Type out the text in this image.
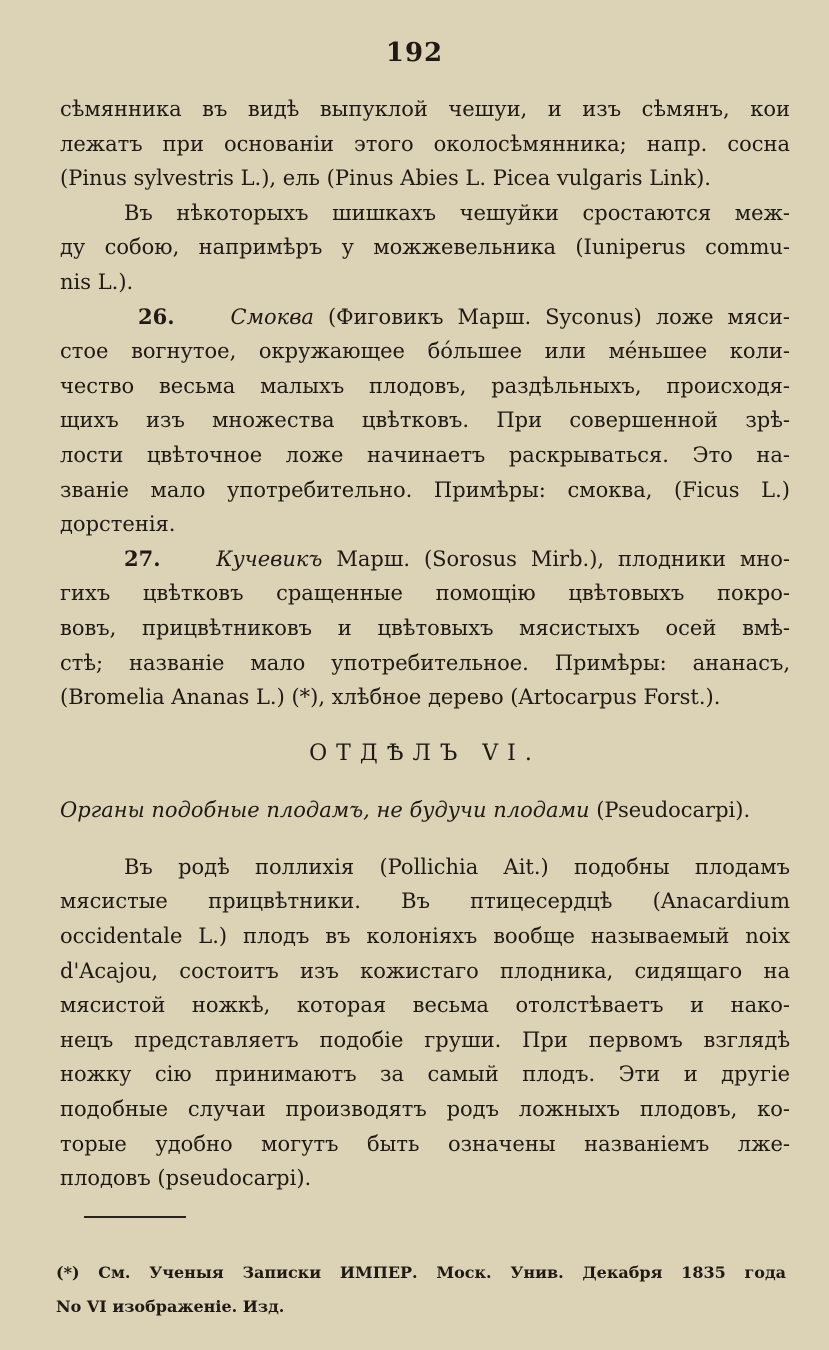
192
сѣмянника въ видѣ выпуклой чешуи, и изъ сѣмянъ, кои
лежатъ при основаніи этого околосѣмянника; напр. сосна
(Pinus sylvestris L.), ель (Pinus Abies L. Picea vulgaris Link).
Въ нѣкоторыхъ шишкахъ чешуйки сростаются меж-
ду собою, напримѣръ у можжевельника (Iuniperus commu-
nis L.).
26.	Смоква (Фиговикъ Марш. Syconus) ложе мяси-
стое вогнутое, окружающее бо́льшее или ме́ньшее коли-
чество весьма малыхъ плодовъ, раздѣльныхъ, происходя-
щихъ изъ множества цвѣтковъ. При совершенной зрѣ-
лости цвѣточное ложе начинаетъ раскрываться. Это на-
званіе мало употребительно. Примѣры: смоква, (Ficus L.)
дорстенія.
27.	Кучевикъ Марш. (Sorosus Mirb.), плодники мно-
гихъ цвѣтковъ сращенные помощію цвѣтовыхъ покро-
вовъ, прицвѣтниковъ и цвѣтовыхъ мясистыхъ осей вмѣ-
стѣ; названіе мало употребительное. Примѣры: ананасъ,
(Bromelia Ananas L.) (*), хлѣбное дерево (Artocarpus Forst.).
ОТДѢЛЪ VI.
Органы подобные плодамъ, не будучи плодами (Pseudocarpi).
Въ родѣ поллихія (Pollichia Ait.) подобны плодамъ
мясистые прицвѣтники. Въ птицесердцѣ (Anacardium
occidentale L.) плодъ въ колоніяхъ вообще называемый noix
d'Acajou, состоитъ изъ кожистаго плодника, сидящаго на
мясистой ножкѣ, которая весьма отолстѣваетъ и нако-
нецъ представляетъ подобіе груши. При первомъ взглядѣ
ножку сію принимаютъ за самый плодъ. Эти и другіе
подобные случаи производятъ родъ ложныхъ плодовъ, ко-
торые удобно могутъ быть означены названіемъ лже-
плодовъ (pseudocarpi).
(*) См. Ученыя Записки ИМПЕР. Моск. Унив. Декабря 1835 года
No VI изображеніе. Изд.
